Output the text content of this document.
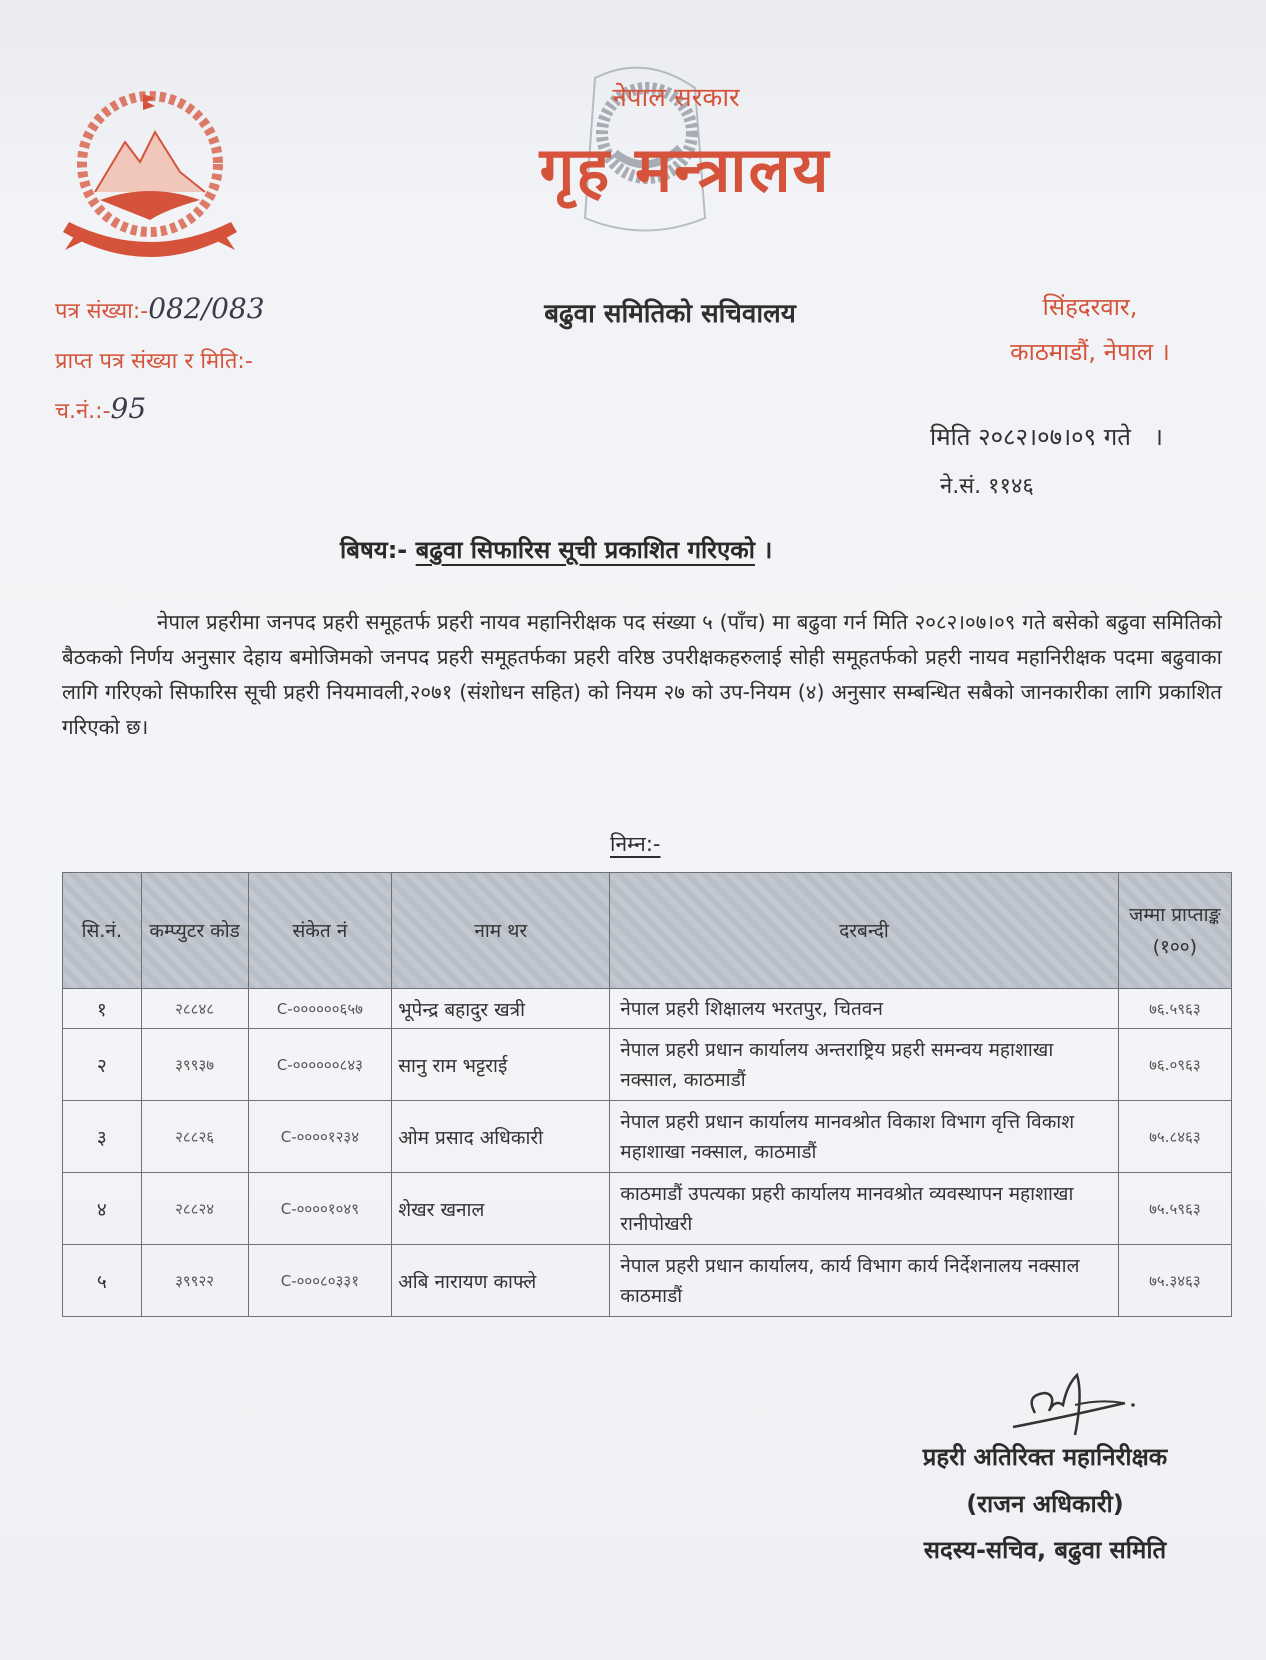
नेपाल सरकार
गृह मन्त्रालय
बढुवा समितिको सचिवालय
पत्र संख्या:-082/083
प्राप्त पत्र संख्या र मिति:-
च.नं.:-95
सिंहदरवार,
काठमाडौं, नेपाल ।
मिति २०८२।०७।०९ गते   ।
ने.सं. ११४६
बिषय:- बढुवा सिफारिस सूची प्रकाशित गरिएको ।
नेपाल प्रहरीमा जनपद प्रहरी समूहतर्फ प्रहरी नायव महानिरीक्षक पद संख्या ५ (पाँच) मा बढुवा गर्न मिति २०८२।०७।०९ गते बसेको बढुवा समितिको बैठकको निर्णय अनुसार देहाय बमोजिमको जनपद प्रहरी समूहतर्फका प्रहरी वरिष्ठ उपरीक्षकहरुलाई सोही समूहतर्फको प्रहरी नायव महानिरीक्षक पदमा बढुवाका लागि गरिएको सिफारिस सूची प्रहरी नियमावली,२०७१ (संशोधन सहित) को नियम २७ को उप-नियम (४) अनुसार सम्बन्धित सबैको जानकारीका लागि प्रकाशित गरिएको छ।
निम्न:-
सि.नं.	कम्प्युटर कोड	संकेत नं	नाम थर	दरबन्दी	जम्मा प्राप्ताङ्क (१००)
१	२८८४८	C-००००००६५७	भूपेन्द्र बहादुर खत्री	नेपाल प्रहरी शिक्षालय भरतपुर, चितवन	७६.५९६३
२	३९९३७	C-००००००८४३	सानु राम भट्टराई	नेपाल प्रहरी प्रधान कार्यालय अन्तराष्ट्रिय प्रहरी समन्वय महाशाखा नक्साल, काठमाडौं	७६.०९६३
३	२८८२६	C-००००१२३४	ओम प्रसाद अधिकारी	नेपाल प्रहरी प्रधान कार्यालय मानवश्रोत विकाश विभाग वृत्ति विकाश महाशाखा नक्साल, काठमाडौं	७५.८४६३
४	२८८२४	C-००००१०४९	शेखर खनाल	काठमाडौं उपत्यका प्रहरी कार्यालय मानवश्रोत व्यवस्थापन महाशाखा रानीपोखरी	७५.५९६३
५	३९९२२	C-०००८०३३१	अबि नारायण काफ्ले	नेपाल प्रहरी प्रधान कार्यालय, कार्य विभाग कार्य निर्देशनालय नक्साल काठमाडौं	७५.३४६३
प्रहरी अतिरिक्त महानिरीक्षक
(राजन अधिकारी)
सदस्य-सचिव, बढुवा समिति
